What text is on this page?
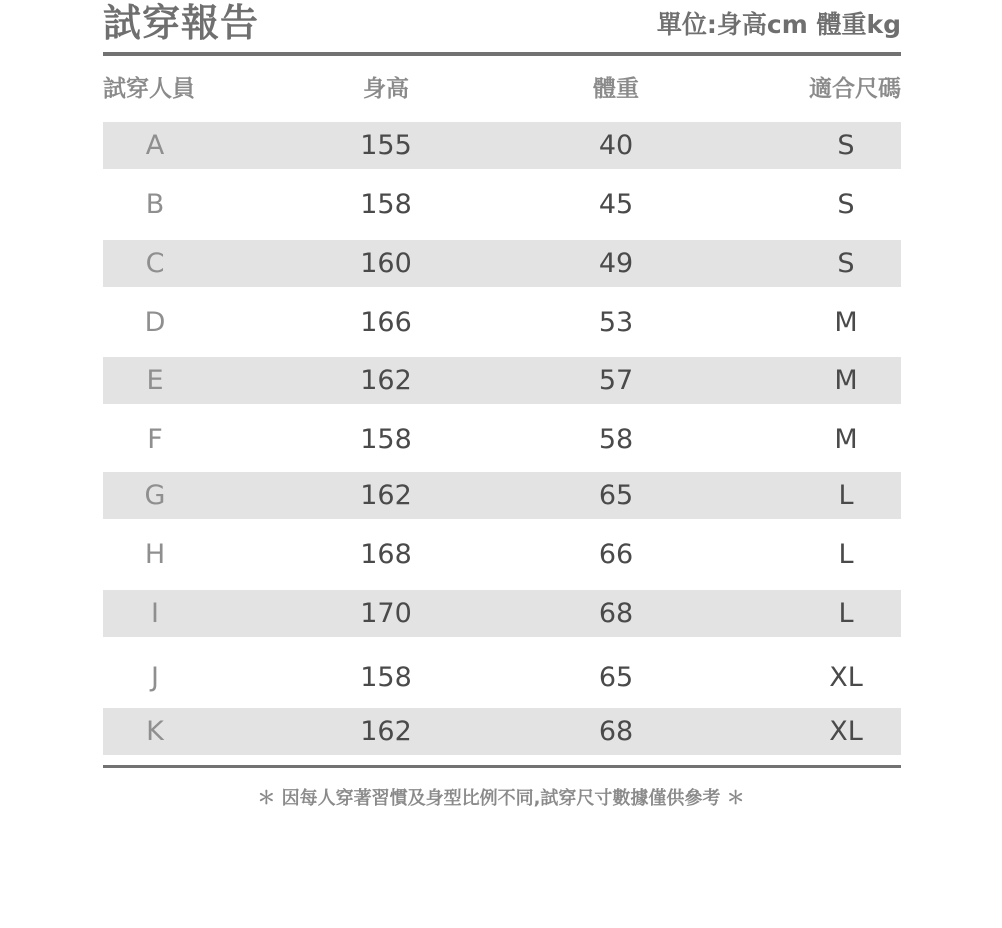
試穿報告	單位:身高cm 體重kg
試穿人員	身高	體重	適合尺碼
A	155	40	S
B	158	45	S
C	160	49	S
D	166	53	M
E	162	57	M
F	158	58	M
G	162	65	L
H	168	66	L
I	170	68	L
J	158	65	XL
K	162	68	XL
＊ 因每人穿著習慣及身型比例不同,試穿尺寸數據僅供參考 ＊
